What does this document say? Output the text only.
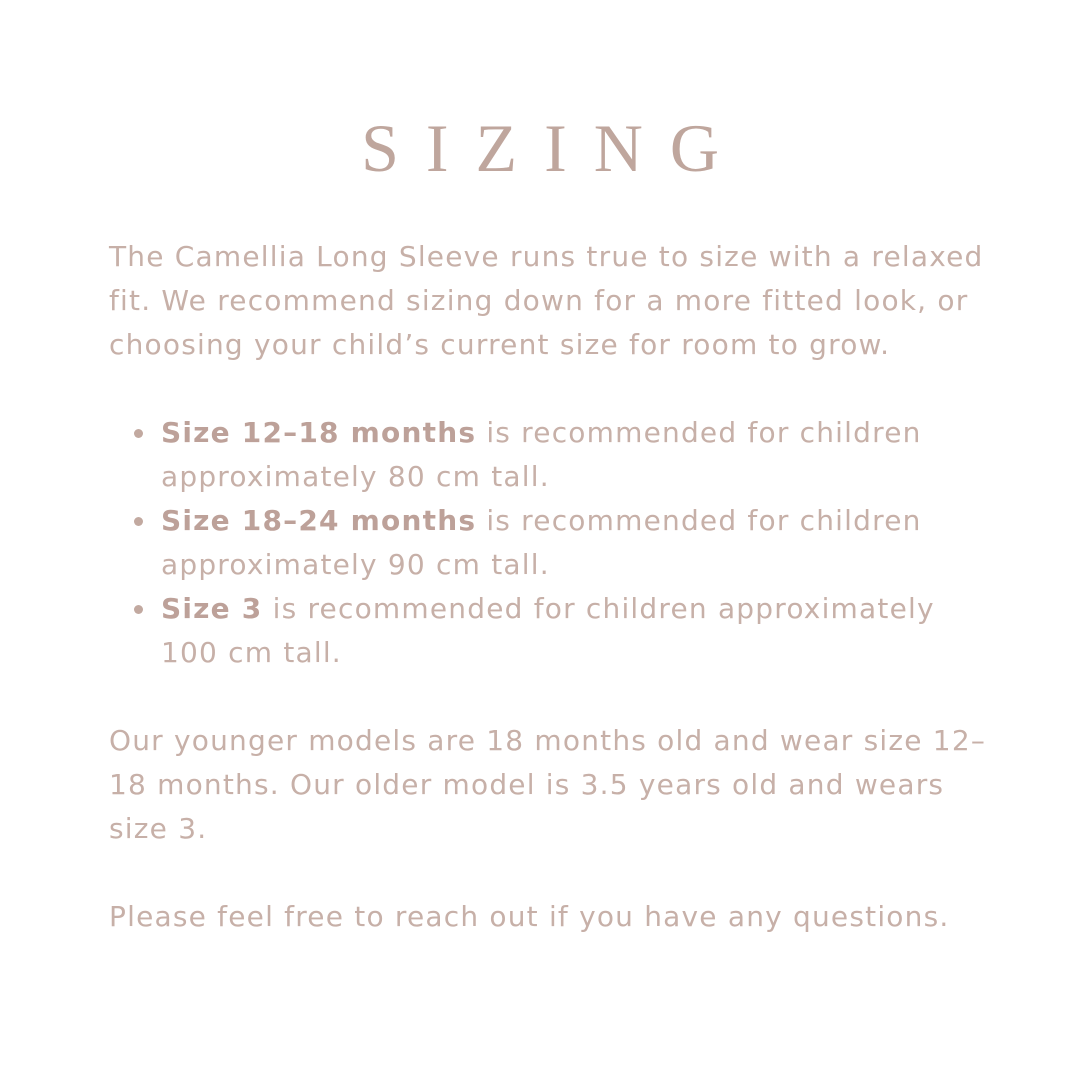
SIZING

The Camellia Long Sleeve runs true to size with a relaxed fit. We recommend sizing down for a more fitted look, or choosing your child’s current size for room to grow.

Size 12–18 months is recommended for children approximately 80 cm tall.
Size 18–24 months is recommended for children approximately 90 cm tall.
Size 3 is recommended for children approximately 100 cm tall.

Our younger models are 18 months old and wear size 12–18 months. Our older model is 3.5 years old and wears size 3.

Please feel free to reach out if you have any questions.
